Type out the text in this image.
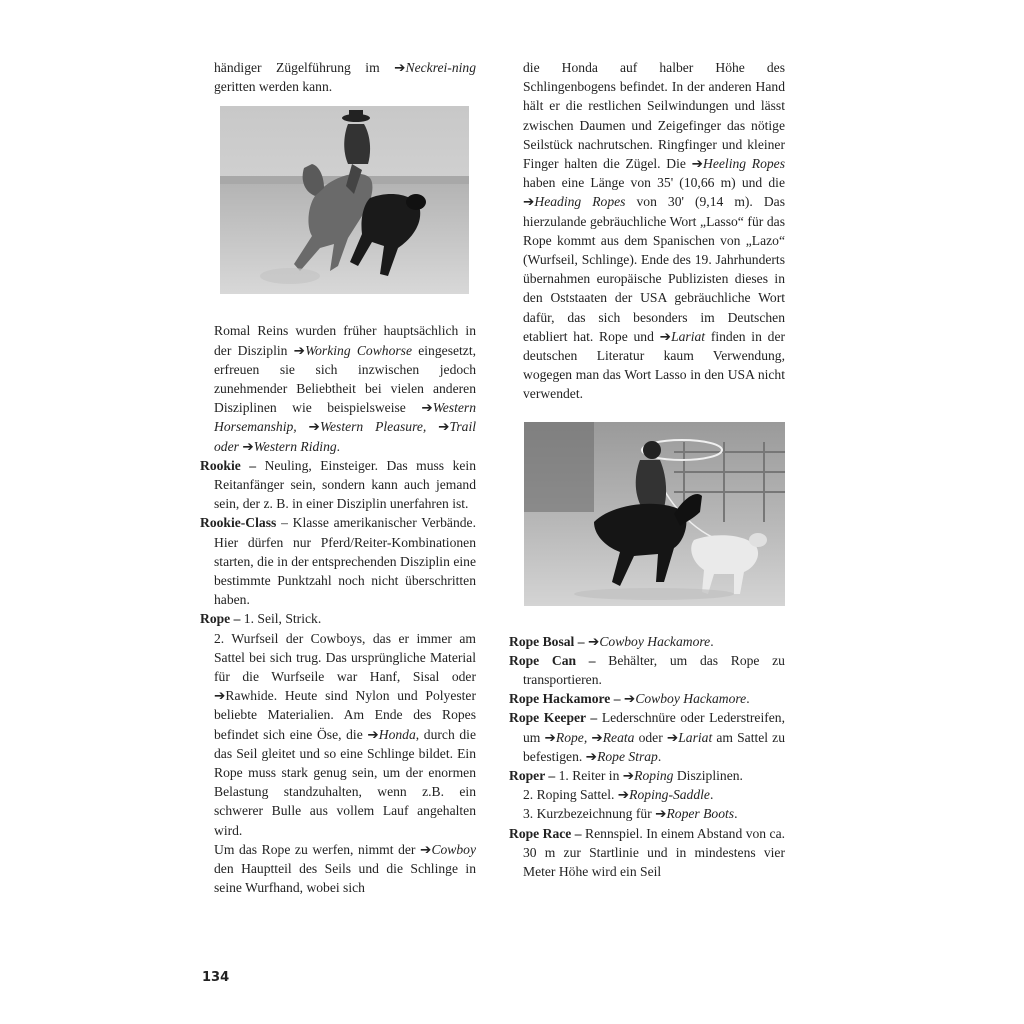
händiger Zügelführung im ➔Neckrei-ning geritten werden kann.

Romal Reins wurden früher hauptsächlich in der Disziplin ➔Working Cowhorse eingesetzt, erfreuen sie sich inzwischen jedoch zunehmender Beliebtheit bei vielen anderen Disziplinen wie beispielsweise ➔Western Horsemanship, ➔Western Pleasure, ➔Trail oder ➔Western Riding.

Rookie – Neuling, Einsteiger. Das muss kein Reitanfänger sein, sondern kann auch jemand sein, der z. B. in einer Disziplin unerfahren ist.

Rookie-Class – Klasse amerikanischer Verbände. Hier dürfen nur Pferd/Reiter-Kombinationen starten, die in der entsprechenden Disziplin eine bestimmte Punktzahl noch nicht überschritten haben.

Rope – 1. Seil, Strick.

2. Wurfseil der Cowboys, das er immer am Sattel bei sich trug. Das ursprüngliche Material für die Wurfseile war Hanf, Sisal oder ➔Rawhide. Heute sind Nylon und Polyester beliebte Materialien. Am Ende des Ropes befindet sich eine Öse, die ➔Honda, durch die das Seil gleitet und so eine Schlinge bildet. Ein Rope muss stark genug sein, um der enormen Belastung standzuhalten, wenn z.B. ein schwerer Bulle aus vollem Lauf angehalten wird.

Um das Rope zu werfen, nimmt der ➔Cowboy den Hauptteil des Seils und die Schlinge in seine Wurfhand, wobei sich

die Honda auf halber Höhe des Schlingenbogens befindet. In der anderen Hand hält er die restlichen Seilwindungen und lässt zwischen Daumen und Zeigefinger das nötige Seilstück nachrutschen. Ringfinger und kleiner Finger halten die Zügel. Die ➔Heeling Ropes haben eine Länge von 35' (10,66 m) und die ➔Heading Ropes von 30' (9,14 m). Das hierzulande gebräuchliche Wort „Lasso“ für das Rope kommt aus dem Spanischen von „Lazo“ (Wurfseil, Schlinge). Ende des 19. Jahrhunderts übernahmen europäische Publizisten dieses in den Oststaaten der USA gebräuchliche Wort dafür, das sich besonders im Deutschen etabliert hat. Rope und ➔Lariat finden in der deutschen Literatur kaum Verwendung, wogegen man das Wort Lasso in den USA nicht verwendet.

Rope Bosal – ➔Cowboy Hackamore.

Rope Can – Behälter, um das Rope zu transportieren.

Rope Hackamore – ➔Cowboy Hackamore.

Rope Keeper – Lederschnüre oder Lederstreifen, um ➔Rope, ➔Reata oder ➔Lariat am Sattel zu befestigen. ➔Rope Strap.

Roper – 1. Reiter in ➔Roping Disziplinen.

2. Roping Sattel. ➔Roping-Saddle.

3. Kurzbezeichnung für ➔Roper Boots.

Rope Race – Rennspiel. In einem Abstand von ca. 30 m zur Startlinie und in mindestens vier Meter Höhe wird ein Seil

134
